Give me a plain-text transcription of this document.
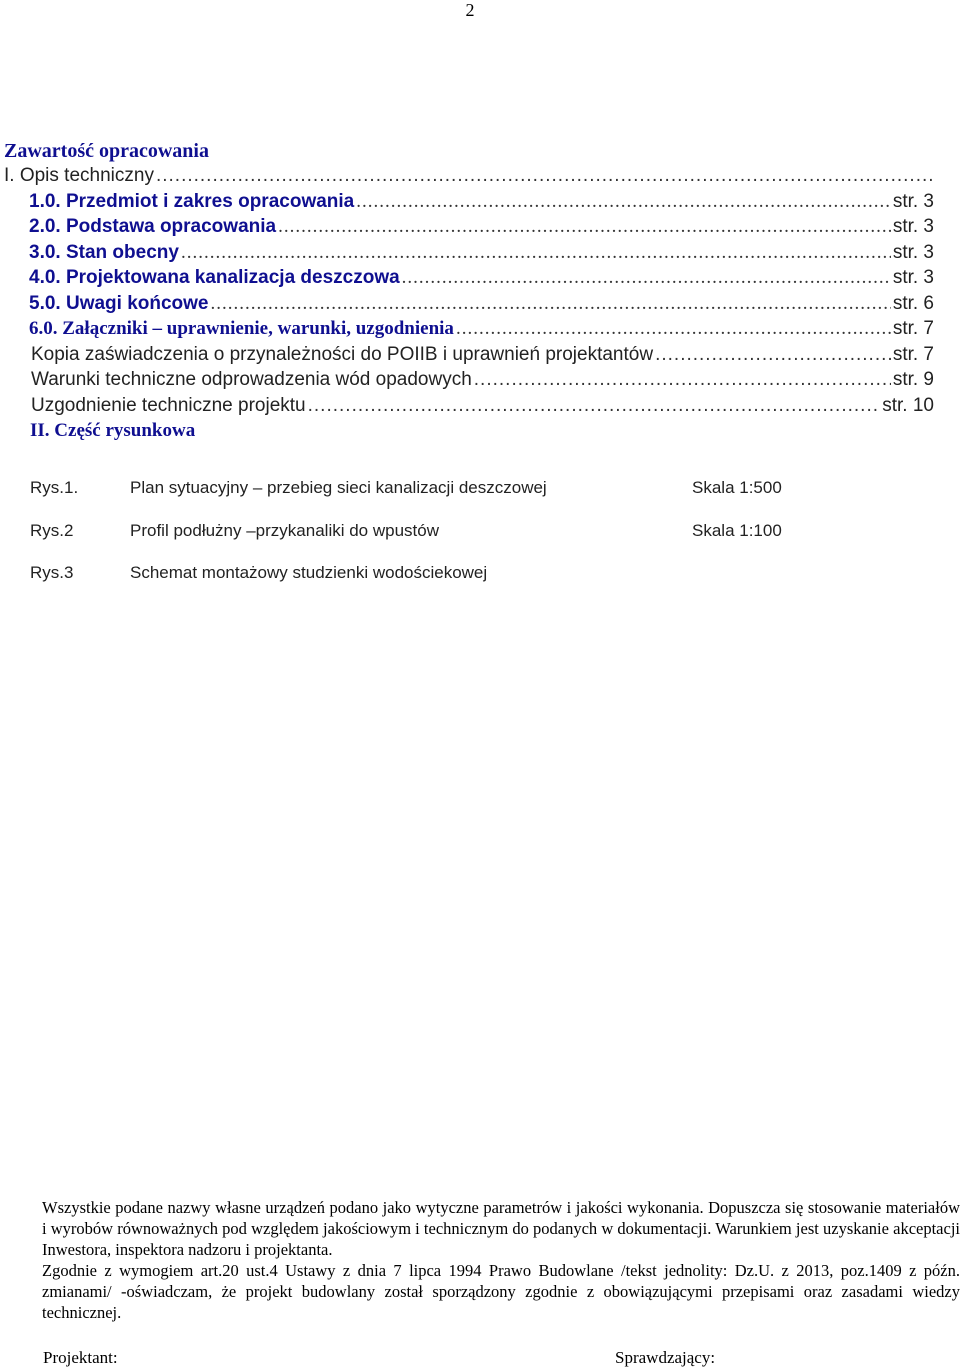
2
Zawartość opracowania
I. Opis techniczny
.....
1.0. Przedmiot i zakres opracowania .....	str. 3
2.0. Podstawa opracowania .....	str. 3
3.0. Stan obecny .....	str. 3
4.0. Projektowana kanalizacja deszczowa .....	str. 3
5.0. Uwagi końcowe .....	str. 6
6.0. Załączniki – uprawnienie, warunki, uzgodnienia .....	str. 7
Kopia zaświadczenia o przynależności do POIIB i uprawnień projektantów .....	str. 7
Warunki techniczne odprowadzenia wód opadowych .....	str. 9
Uzgodnienie techniczne projektu .....	str. 10
II. Część rysunkowa
Rys.1.	Plan sytuacyjny – przebieg sieci kanalizacji deszczowej	Skala 1:500
Rys.2	Profil podłużny –przykanaliki do wpustów	Skala 1:100
Rys.3	Schemat montażowy studzienki wodościekowej

Wszystkie podane nazwy własne urządzeń podano jako wytyczne parametrów i jakości wykonania. Dopuszcza się stosowanie materiałów i wyrobów równoważnych pod względem jakościowym i technicznym do podanych w dokumentacji. Warunkiem jest uzyskanie akceptacji Inwestora, inspektora nadzoru i projektanta.

Zgodnie z wymogiem art.20 ust.4 Ustawy z dnia 7 lipca 1994 Prawo Budowlane /tekst jednolity: Dz.U. z 2013, poz.1409 z późn. zmianami/ -oświadczam, że projekt budowlany został sporządzony zgodnie z obowiązującymi przepisami oraz zasadami wiedzy technicznej.

Projektant:	Sprawdzający:
